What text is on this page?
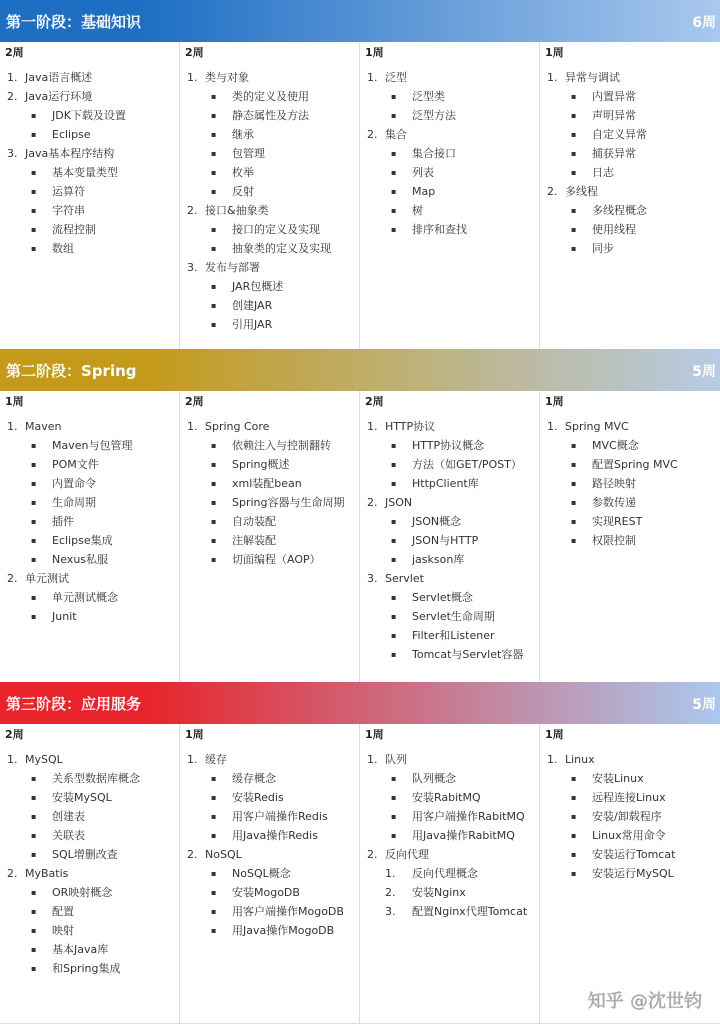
第一阶段：基础知识	6周
2周
1. Java语言概述
2. Java运行环境
▪ JDK下载及设置
▪ Eclipse
3. Java基本程序结构
▪ 基本变量类型
▪ 运算符
▪ 字符串
▪ 流程控制
▪ 数组
2周
1. 类与对象
▪ 类的定义及使用
▪ 静态属性及方法
▪ 继承
▪ 包管理
▪ 枚举
▪ 反射
2. 接口&抽象类
▪ 接口的定义及实现
▪ 抽象类的定义及实现
3. 发布与部署
▪ JAR包概述
▪ 创建JAR
▪ 引用JAR
1周
1. 泛型
▪ 泛型类
▪ 泛型方法
2. 集合
▪ 集合接口
▪ 列表
▪ Map
▪ 树
▪ 排序和查找
1周
1. 异常与调试
▪ 内置异常
▪ 声明异常
▪ 自定义异常
▪ 捕获异常
▪ 日志
2. 多线程
▪ 多线程概念
▪ 使用线程
▪ 同步
第二阶段：Spring	5周
1周
1. Maven
▪ Maven与包管理
▪ POM文件
▪ 内置命令
▪ 生命周期
▪ 插件
▪ Eclipse集成
▪ Nexus私服
2. 单元测试
▪ 单元测试概念
▪ Junit
2周
1. Spring Core
▪ 依赖注入与控制翻转
▪ Spring概述
▪ xml装配bean
▪ Spring容器与生命周期
▪ 自动装配
▪ 注解装配
▪ 切面编程（AOP）
2周
1. HTTP协议
▪ HTTP协议概念
▪ 方法（如GET/POST）
▪ HttpClient库
2. JSON
▪ JSON概念
▪ JSON与HTTP
▪ jaskson库
3. Servlet
▪ Servlet概念
▪ Servlet生命周期
▪ Filter和Listener
▪ Tomcat与Servlet容器
1周
1. Spring MVC
▪ MVC概念
▪ 配置Spring MVC
▪ 路径映射
▪ 参数传递
▪ 实现REST
▪ 权限控制
第三阶段：应用服务	5周
2周
1. MySQL
▪ 关系型数据库概念
▪ 安装MySQL
▪ 创建表
▪ 关联表
▪ SQL增删改查
2. MyBatis
▪ OR映射概念
▪ 配置
▪ 映射
▪ 基本Java库
▪ 和Spring集成
1周
1. 缓存
▪ 缓存概念
▪ 安装Redis
▪ 用客户端操作Redis
▪ 用Java操作Redis
2. NoSQL
▪ NoSQL概念
▪ 安装MogoDB
▪ 用客户端操作MogoDB
▪ 用Java操作MogoDB
1周
1. 队列
▪ 队列概念
▪ 安装RabitMQ
▪ 用客户端操作RabitMQ
▪ 用Java操作RabitMQ
2. 反向代理
1. 反向代理概念
2. 安装Nginx
3. 配置Nginx代理Tomcat
1周
1. Linux
▪ 安装Linux
▪ 远程连接Linux
▪ 安装/卸载程序
▪ Linux常用命令
▪ 安装运行Tomcat
▪ 安装运行MySQL
知乎 @沈世钧
